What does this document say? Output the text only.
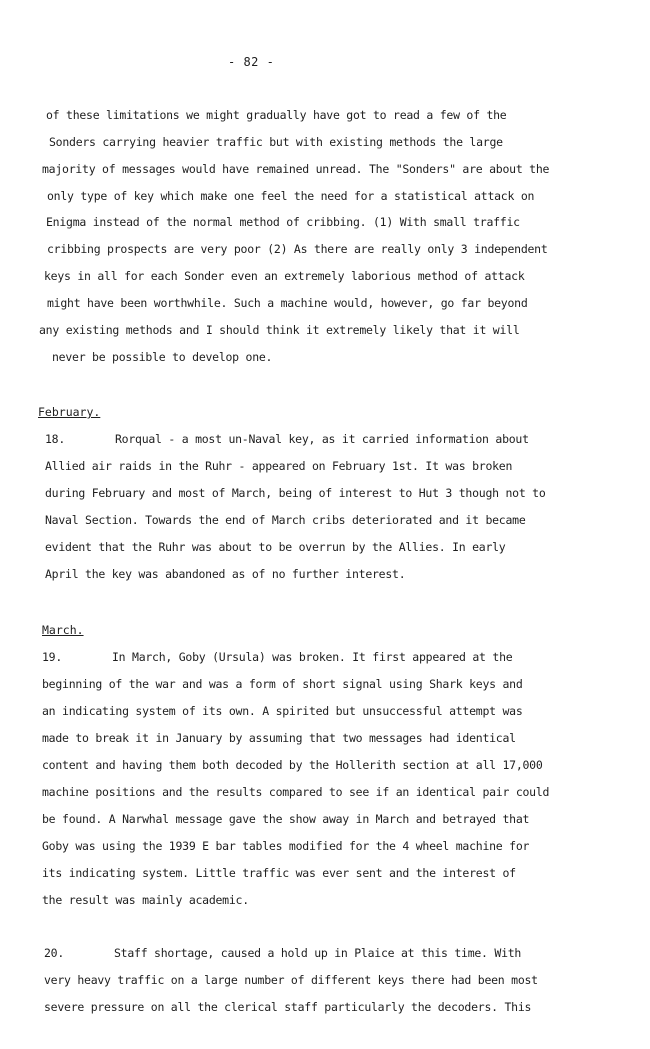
- 82 -
of these limitations we might gradually have got to read a few of the
Sonders carrying heavier traffic but with existing methods the large
majority of messages would have remained unread. The "Sonders" are about the
only type of key which make one feel the need for a statistical attack on
Enigma instead of the normal method of cribbing. (1) With small traffic
cribbing prospects are very poor (2) As there are really only 3 independent
keys in all for each Sonder even an extremely laborious method of attack
might have been worthwhile. Such a machine would, however, go far beyond
any existing methods and I should think it extremely likely that it will
never be possible to develop one.
February.
18.	Rorqual - a most un-Naval key, as it carried information about
Allied air raids in the Ruhr - appeared on February 1st. It was broken
during February and most of March, being of interest to Hut 3 though not to
Naval Section. Towards the end of March cribs deteriorated and it became
evident that the Ruhr was about to be overrun by the Allies. In early
April the key was abandoned as of no further interest.
March.
19.	In March, Goby (Ursula) was broken. It first appeared at the
beginning of the war and was a form of short signal using Shark keys and
an indicating system of its own. A spirited but unsuccessful attempt was
made to break it in January by assuming that two messages had identical
content and having them both decoded by the Hollerith section at all 17,000
machine positions and the results compared to see if an identical pair could
be found. A Narwhal message gave the show away in March and betrayed that
Goby was using the 1939 E bar tables modified for the 4 wheel machine for
its indicating system. Little traffic was ever sent and the interest of
the result was mainly academic.
20.	Staff shortage, caused a hold up in Plaice at this time. With
very heavy traffic on a large number of different keys there had been most
severe pressure on all the clerical staff particularly the decoders. This
